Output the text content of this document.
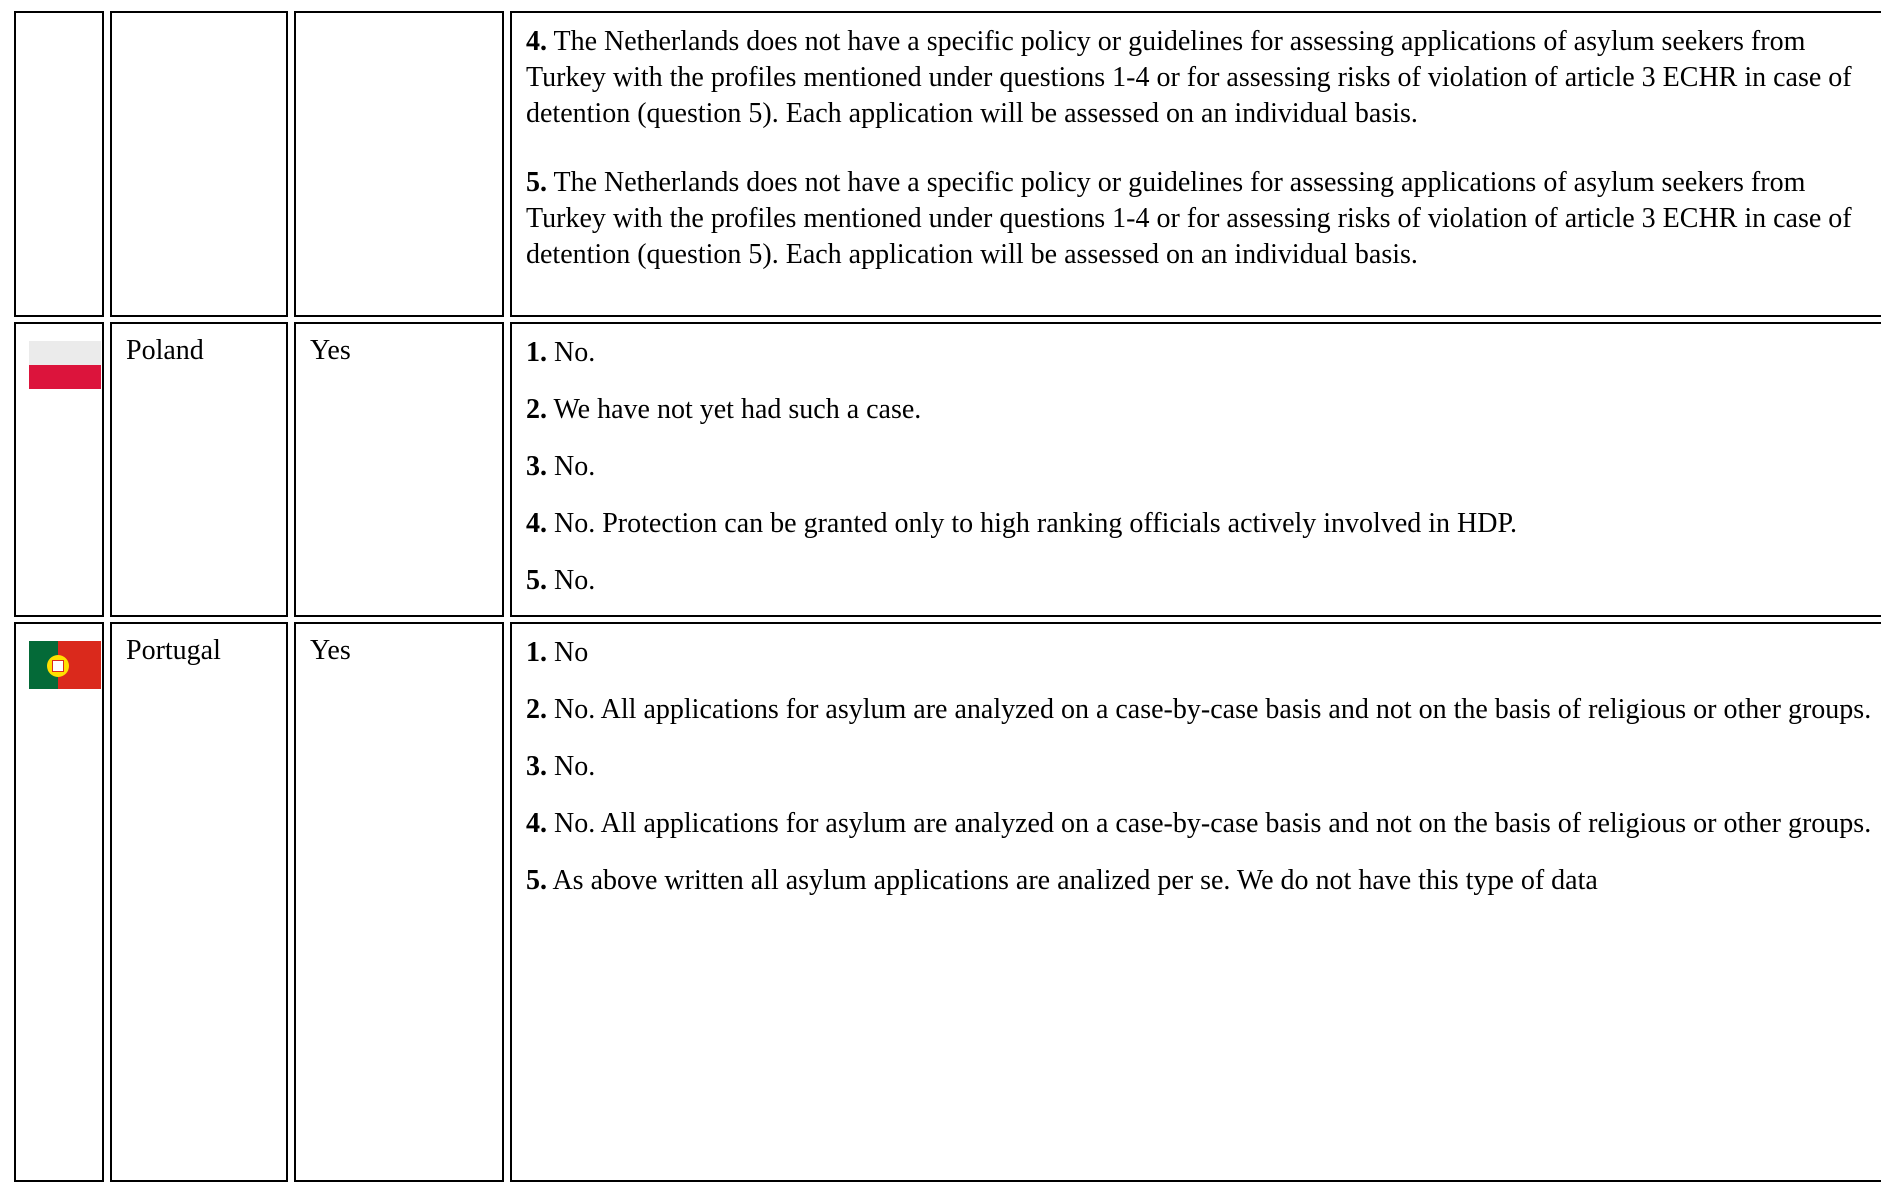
4. The Netherlands does not have a specific policy or guidelines for assessing applications of asylum seekers from Turkey with the profiles mentioned under questions 1-4 or for assessing risks of violation of article 3 ECHR in case of detention (question 5). Each application will be assessed on an individual basis.

5. The Netherlands does not have a specific policy or guidelines for assessing applications of asylum seekers from Turkey with the profiles mentioned under questions 1-4 or for assessing risks of violation of article 3 ECHR in case of detention (question 5). Each application will be assessed on an individual basis.

Poland	Yes	1. No.

2. We have not yet had such a case.

3. No.

4. No. Protection can be granted only to high ranking officials actively involved in HDP.

5. No.

Portugal	Yes	1. No

2. No. All applications for asylum are analyzed on a case-by-case basis and not on the basis of religious or other groups.

3. No.

4. No. All applications for asylum are analyzed on a case-by-case basis and not on the basis of religious or other groups.

5. As above written all asylum applications are analized per se. We do not have this type of data
